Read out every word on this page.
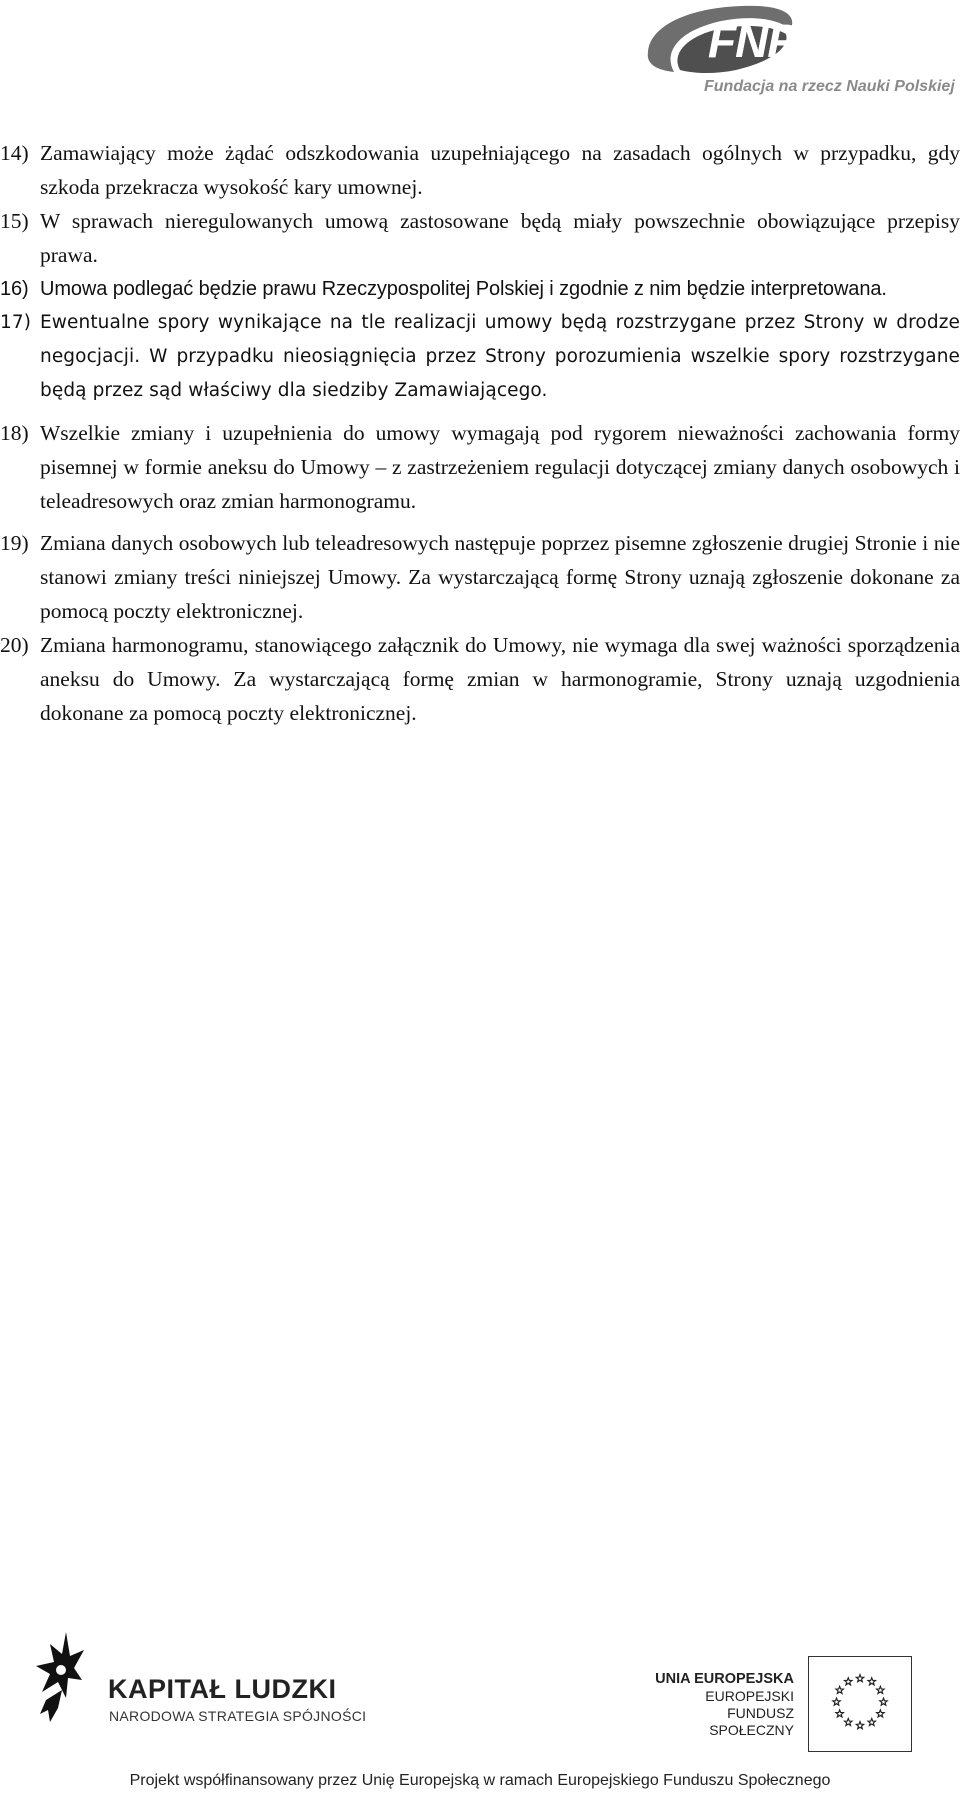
FNP
Fundacja na rzecz Nauki Polskiej
14) Zamawiający może żądać odszkodowania uzupełniającego na zasadach ogólnych w przypadku, gdy szkoda przekracza wysokość kary umownej.
15) W sprawach nieregulowanych umową zastosowane będą miały powszechnie obowiązujące przepisy prawa.
16) Umowa podlegać będzie prawu Rzeczypospolitej Polskiej i zgodnie z nim będzie interpretowana.
17) Ewentualne spory wynikające na tle realizacji umowy będą rozstrzygane przez Strony w drodze negocjacji. W przypadku nieosiągnięcia przez Strony porozumienia wszelkie spory rozstrzygane będą przez sąd właściwy dla siedziby Zamawiającego.
18) Wszelkie zmiany i uzupełnienia do umowy wymagają pod rygorem nieważności zachowania formy pisemnej w formie aneksu do Umowy – z zastrzeżeniem regulacji dotyczącej zmiany danych osobowych i teleadresowych oraz zmian harmonogramu.
19) Zmiana danych osobowych lub teleadresowych następuje poprzez pisemne zgłoszenie drugiej Stronie i nie stanowi zmiany treści niniejszej Umowy. Za wystarczającą formę Strony uznają zgłoszenie dokonane za pomocą poczty elektronicznej.
20) Zmiana harmonogramu, stanowiącego załącznik do Umowy, nie wymaga dla swej ważności sporządzenia aneksu do Umowy. Za wystarczającą formę zmian w harmonogramie, Strony uznają uzgodnienia dokonane za pomocą poczty elektronicznej.
KAPITAŁ LUDZKI
NARODOWA STRATEGIA SPÓJNOŚCI
UNIA EUROPEJSKA
EUROPEJSKI
FUNDUSZ SPOŁECZNY
Projekt współfinansowany przez Unię Europejską w ramach Europejskiego Funduszu Społecznego
